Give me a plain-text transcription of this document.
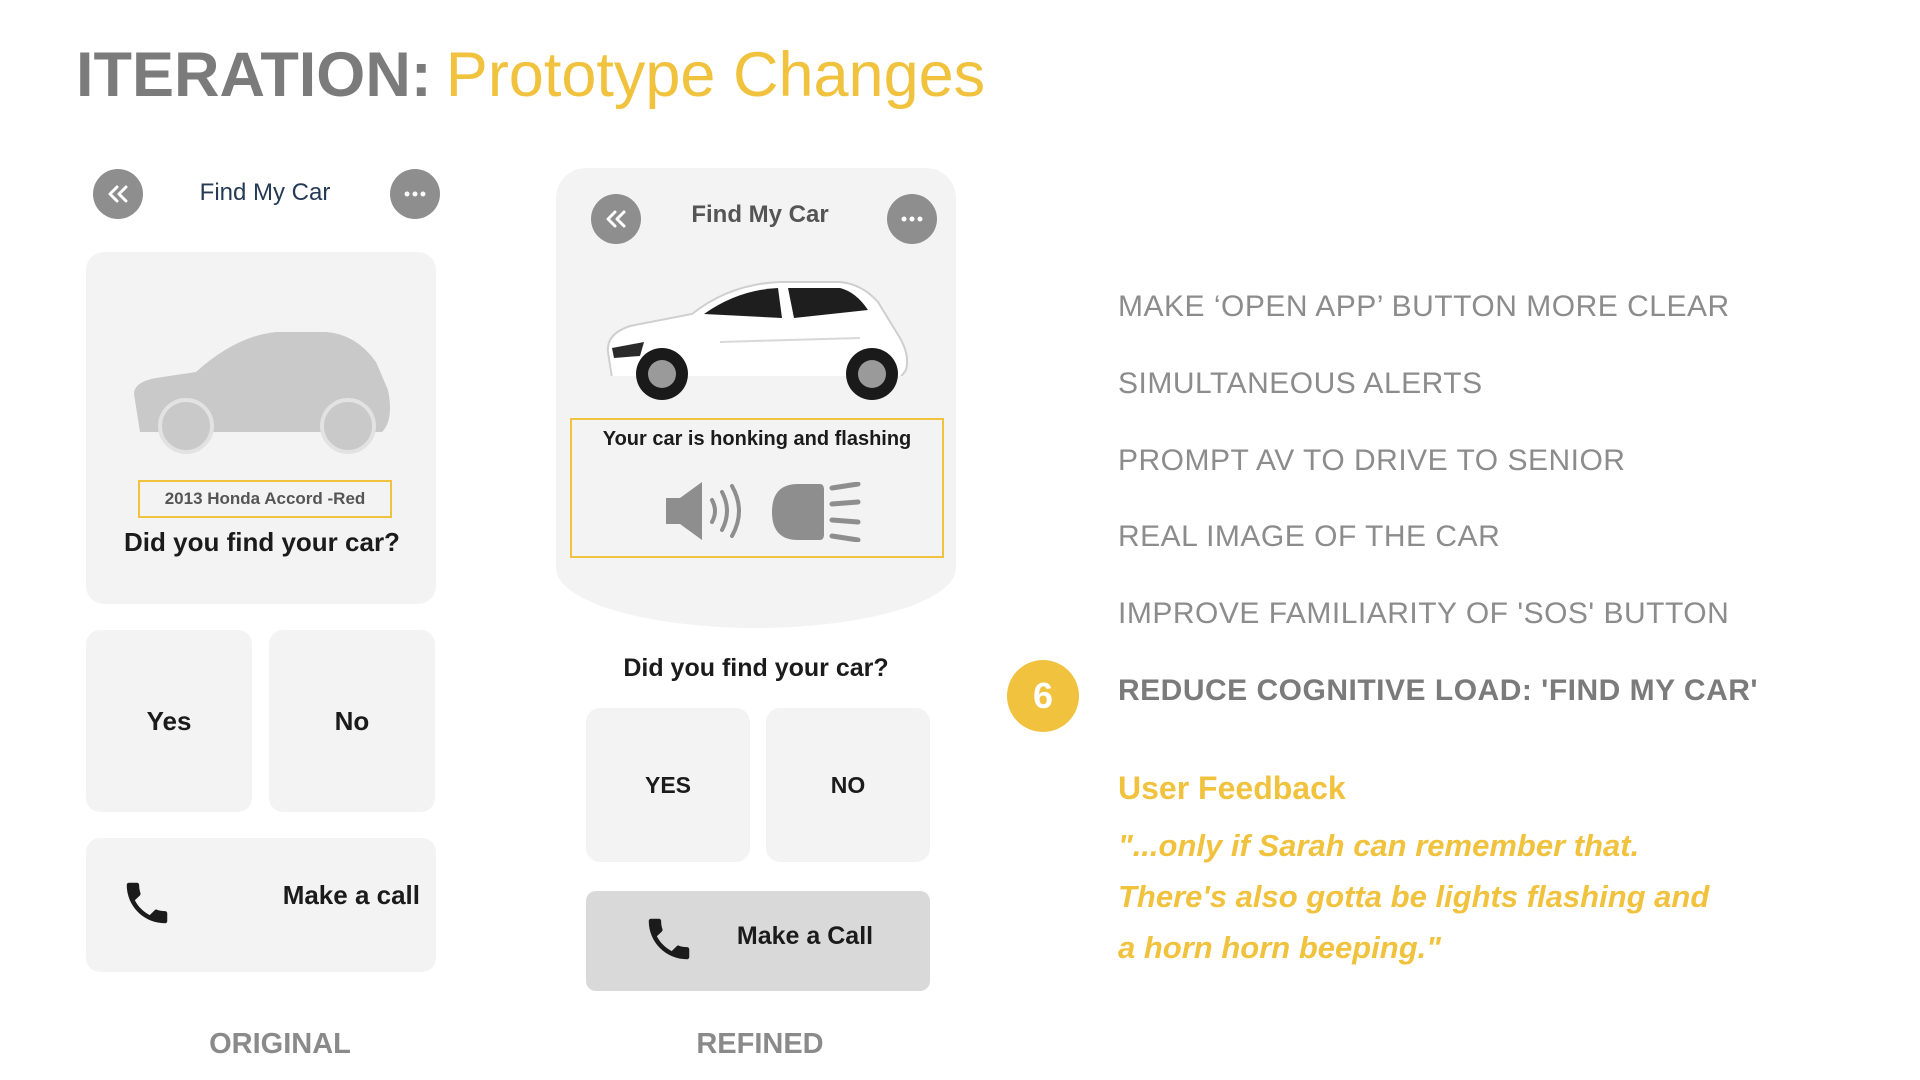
ITERATION: Prototype Changes
Find My Car
2013 Honda Accord -Red
Did you find your car?
Yes	No
Make a call
ORIGINAL
Find My Car
Your car is honking and flashing
Did you find your car?
YES	NO
Make a Call
REFINED
MAKE ‘OPEN APP’ BUTTON MORE CLEAR
SIMULTANEOUS ALERTS
PROMPT AV TO DRIVE TO SENIOR
REAL IMAGE OF THE CAR
IMPROVE FAMILIARITY OF 'SOS' BUTTON
6	REDUCE COGNITIVE LOAD: 'FIND MY CAR'
User Feedback
"...only if Sarah can remember that.
There's also gotta be lights flashing and
a horn horn beeping."
